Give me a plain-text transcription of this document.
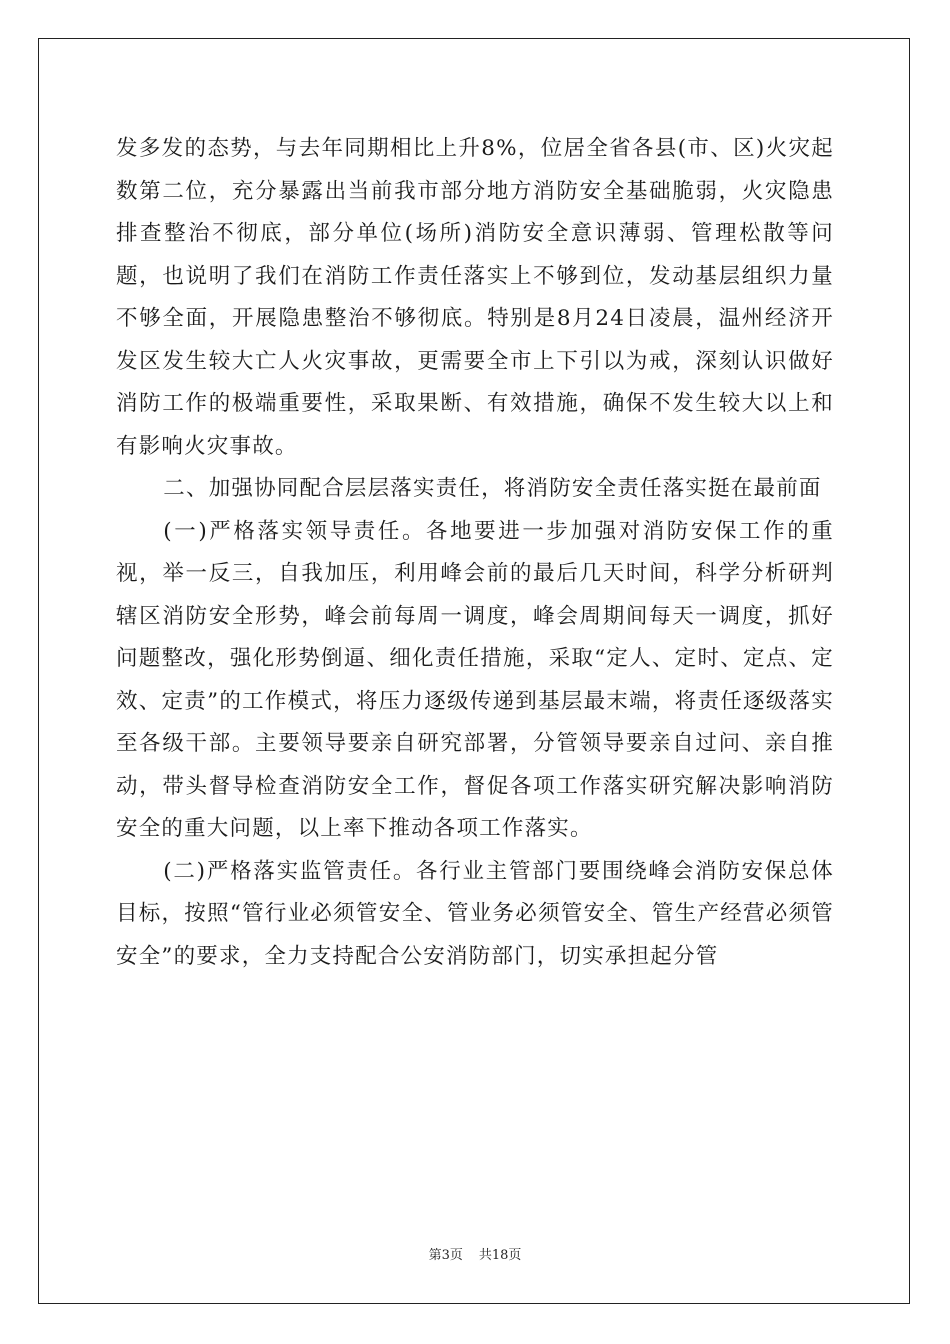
发多发的态势，与去年同期相比上升8%，位居全省各县(市、区)火灾起数第二位，充分暴露出当前我市部分地方消防安全基础脆弱，火灾隐患排查整治不彻底，部分单位(场所)消防安全意识薄弱、管理松散等问题，也说明了我们在消防工作责任落实上不够到位，发动基层组织力量不够全面，开展隐患整治不够彻底。特别是8月24日凌晨，温州经济开发区发生较大亡人火灾事故，更需要全市上下引以为戒，深刻认识做好消防工作的极端重要性，采取果断、有效措施，确保不发生较大以上和有影响火灾事故。

二、加强协同配合层层落实责任，将消防安全责任落实挺在最前面

(一)严格落实领导责任。各地要进一步加强对消防安保工作的重视，举一反三，自我加压，利用峰会前的最后几天时间，科学分析研判辖区消防安全形势，峰会前每周一调度，峰会周期间每天一调度，抓好问题整改，强化形势倒逼、细化责任措施，采取“定人、定时、定点、定效、定责”的工作模式，将压力逐级传递到基层最末端，将责任逐级落实至各级干部。主要领导要亲自研究部署，分管领导要亲自过问、亲自推动，带头督导检查消防安全工作，督促各项工作落实研究解决影响消防安全的重大问题，以上率下推动各项工作落实。

(二)严格落实监管责任。各行业主管部门要围绕峰会消防安保总体目标，按照“管行业必须管安全、管业务必须管安全、管生产经营必须管安全”的要求，全力支持配合公安消防部门，切实承担起分管

第3页 共18页
